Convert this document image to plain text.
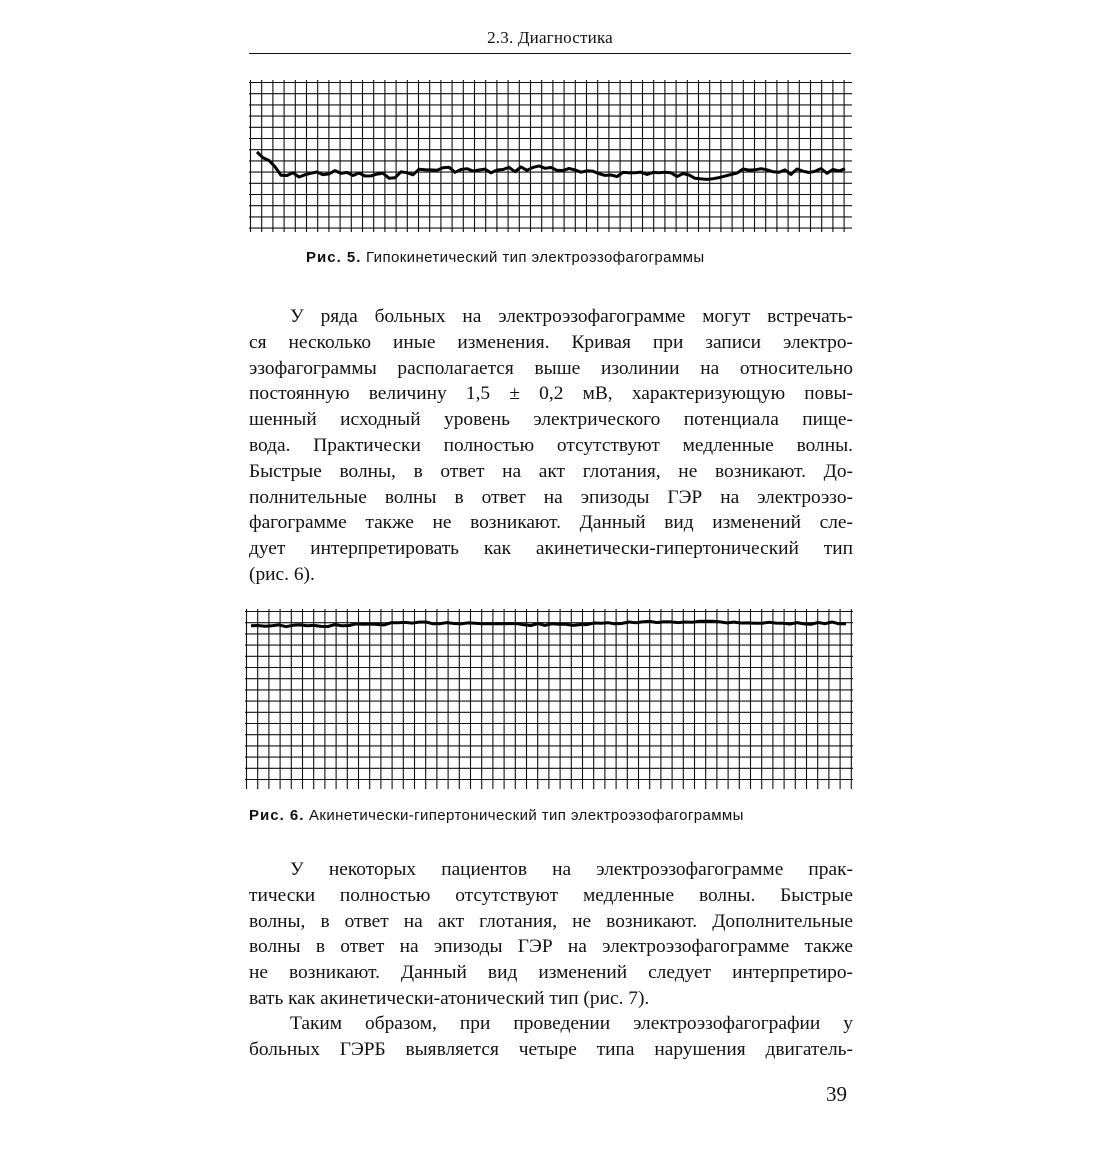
2.3. Диагностика
Рис. 5. Гипокинетический тип электроэзофагограммы
У ряда больных на электроэзофагограмме могут встречать-
ся несколько иные изменения. Кривая при записи электро-
эзофагограммы располагается выше изолинии на относительно
постоянную величину 1,5 ± 0,2 мВ, характеризующую повы-
шенный исходный уровень электрического потенциала пище-
вода. Практически полностью отсутствуют медленные волны.
Быстрые волны, в ответ на акт глотания, не возникают. До-
полнительные волны в ответ на эпизоды ГЭР на электроэзо-
фагограмме также не возникают. Данный вид изменений сле-
дует интерпретировать как акинетически-гипертонический тип
(рис. 6).
Рис. 6. Акинетически-гипертонический тип электроэзофагограммы
У некоторых пациентов на электроэзофагограмме прак-
тически полностью отсутствуют медленные волны. Быстрые
волны, в ответ на акт глотания, не возникают. Дополнительные
волны в ответ на эпизоды ГЭР на электроэзофагограмме также
не возникают. Данный вид изменений следует интерпретиро-
вать как акинетически-атонический тип (рис. 7).
Таким образом, при проведении электроэзофагографии у
больных ГЭРБ выявляется четыре типа нарушения двигатель-
39
